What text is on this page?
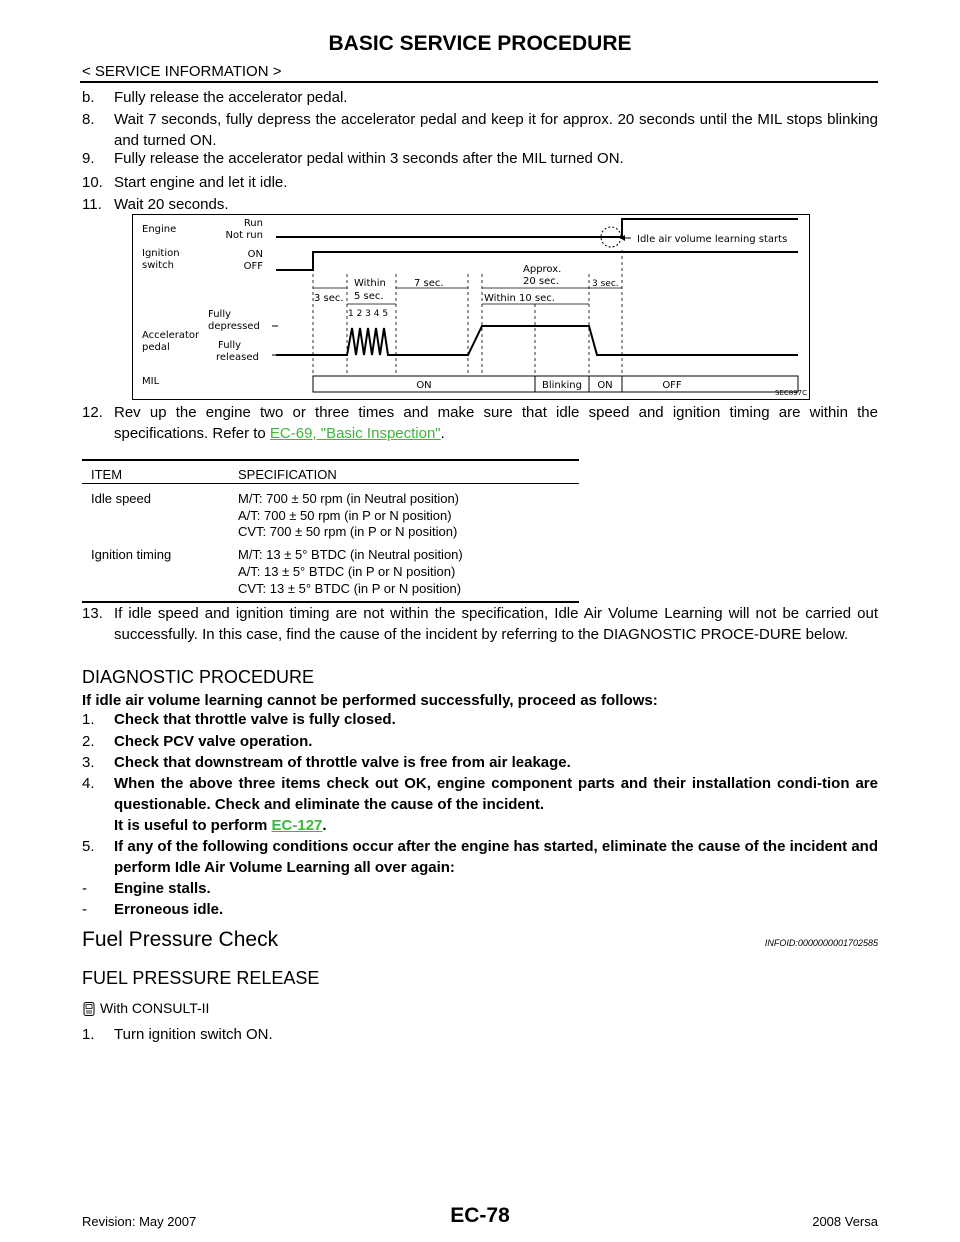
BASIC SERVICE PROCEDURE
< SERVICE INFORMATION >
b. Fully release the accelerator pedal.
8. Wait 7 seconds, fully depress the accelerator pedal and keep it for approx. 20 seconds until the MIL stops blinking and turned ON.
9. Fully release the accelerator pedal within 3 seconds after the MIL turned ON.
10. Start engine and let it idle.
11. Wait 20 seconds.
Engine
Run
Not run
Ignition
switch
ON
OFF
Fully
depressed
Accelerator
pedal	Fully
released
MIL
Idle air volume learning starts
3 sec.
Within
5 sec.
1 2 3 4 5
7 sec.
Approx.
20 sec.
Within 10 sec.
3 sec.
ON	Blinking ON	OFF
SEC897C
12. Rev up the engine two or three times and make sure that idle speed and ignition timing are within the specifications. Refer to EC-69, "Basic Inspection".
ITEM	SPECIFICATION
Idle speed	M/T: 700 ± 50 rpm (in Neutral position)
A/T: 700 ± 50 rpm (in P or N position)
CVT: 700 ± 50 rpm (in P or N position)
Ignition timing	M/T: 13 ± 5° BTDC (in Neutral position)
A/T: 13 ± 5° BTDC (in P or N position)
CVT: 13 ± 5° BTDC (in P or N position)
13. If idle speed and ignition timing are not within the specification, Idle Air Volume Learning will not be carried out successfully. In this case, find the cause of the incident by referring to the DIAGNOSTIC PROCE-DURE below.
DIAGNOSTIC PROCEDURE
If idle air volume learning cannot be performed successfully, proceed as follows:
1. Check that throttle valve is fully closed.
2. Check PCV valve operation.
3. Check that downstream of throttle valve is free from air leakage.
4. When the above three items check out OK, engine component parts and their installation condi-tion are questionable. Check and eliminate the cause of the incident.
It is useful to perform EC-127.
5. If any of the following conditions occur after the engine has started, eliminate the cause of the incident and perform Idle Air Volume Learning all over again:
- Engine stalls.
- Erroneous idle.
Fuel Pressure Check	INFOID:0000000001702585
FUEL PRESSURE RELEASE
With CONSULT-II
1. Turn ignition switch ON.
EC-78
Revision: May 2007	2008 Versa
